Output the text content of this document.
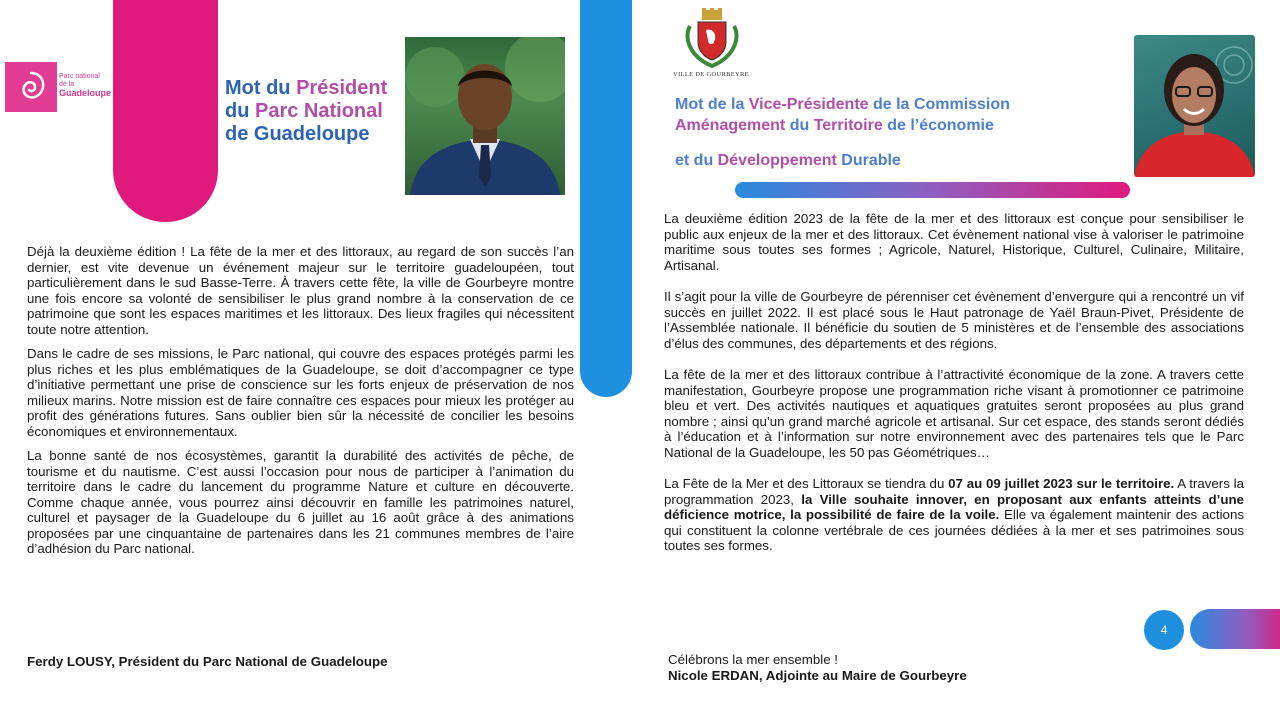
4
Parc national
de la
Guadeloupe	Mot du Président
du Parc National
de Guadeloupe
VILLE DE GOURBEYRE
Mot de la Vice-Présidente de la Commission
Aménagement du Territoire de l’économie
et du Développement Durable

Déjà la deuxième édition ! La fête de la mer et des littoraux, au regard de son succès l’an dernier, est vite devenue un événement majeur sur le territoire guadeloupéen, tout particulièrement dans le sud Basse-Terre. À travers cette fête, la ville de Gourbeyre montre une fois encore sa volonté de sensibiliser le plus grand nombre à la conservation de ce patrimoine que sont les espaces maritimes et les littoraux. Des lieux fragiles qui nécessitent toute notre attention.

Dans le cadre de ses missions, le Parc national, qui couvre des espaces protégés parmi les plus riches et les plus emblématiques de la Guadeloupe, se doit d’accompagner ce type d’initiative permettant une prise de conscience sur les forts enjeux de préservation de nos milieux marins. Notre mission est de faire connaître ces espaces pour mieux les protéger au profit des générations futures. Sans oublier bien sûr la nécessité de concilier les besoins économiques et environnementaux.

La bonne santé de nos écosystèmes, garantit la durabilité des activités de pêche, de tourisme et du nautisme. C’est aussi l’occasion pour nous de participer à l’animation du territoire dans le cadre du lancement du programme Nature et culture en découverte. Comme chaque année, vous pourrez ainsi découvrir en famille les patrimoines naturel, culturel et paysager de la Guadeloupe du 6 juillet au 16 août grâce à des animations proposées par une cinquantaine de partenaires dans les 21 communes membres de l’aire d’adhésion du Parc national.

Ferdy LOUSY, Président du Parc National de Guadeloupe

La deuxième édition 2023 de la fête de la mer et des littoraux est conçue pour sensibiliser le public aux enjeux de la mer et des littoraux. Cet évènement national vise à valoriser le patrimoine maritime sous toutes ses formes ; Agricole, Naturel, Historique, Culturel, Culinaire, Militaire, Artisanal.

Il s’agit pour la ville de Gourbeyre de pérenniser cet évènement d’envergure qui a rencontré un vif succès en juillet 2022. Il est placé sous le Haut patronage de Yaël Braun-Pivet, Présidente de l’Assemblée nationale. Il bénéficie du soutien de 5 ministères et de l’ensemble des associations d’élus des communes, des départements et des régions.

La fête de la mer et des littoraux contribue à l’attractivité économique de la zone. A travers cette manifestation, Gourbeyre propose une programmation riche visant à promotionner ce patrimoine bleu et vert. Des activités nautiques et aquatiques gratuites seront proposées au plus grand nombre ; ainsi qu’un grand marché agricole et artisanal. Sur cet espace, des stands seront dédiés à l’éducation et à l’information sur notre environnement avec des partenaires tels que le Parc National de la Guadeloupe, les 50 pas Géométriques…

La Fête de la Mer et des Littoraux se tiendra du 07 au 09 juillet 2023 sur le territoire. A travers la programmation 2023, la Ville souhaite innover, en proposant aux enfants atteints d’une déficience motrice, la possibilité de faire de la voile. Elle va également maintenir des actions qui constituent la colonne vertébrale de ces journées dédiées à la mer et ses patrimoines sous toutes ses formes.

Célébrons la mer ensemble !
Nicole ERDAN, Adjointe au Maire de Gourbeyre
